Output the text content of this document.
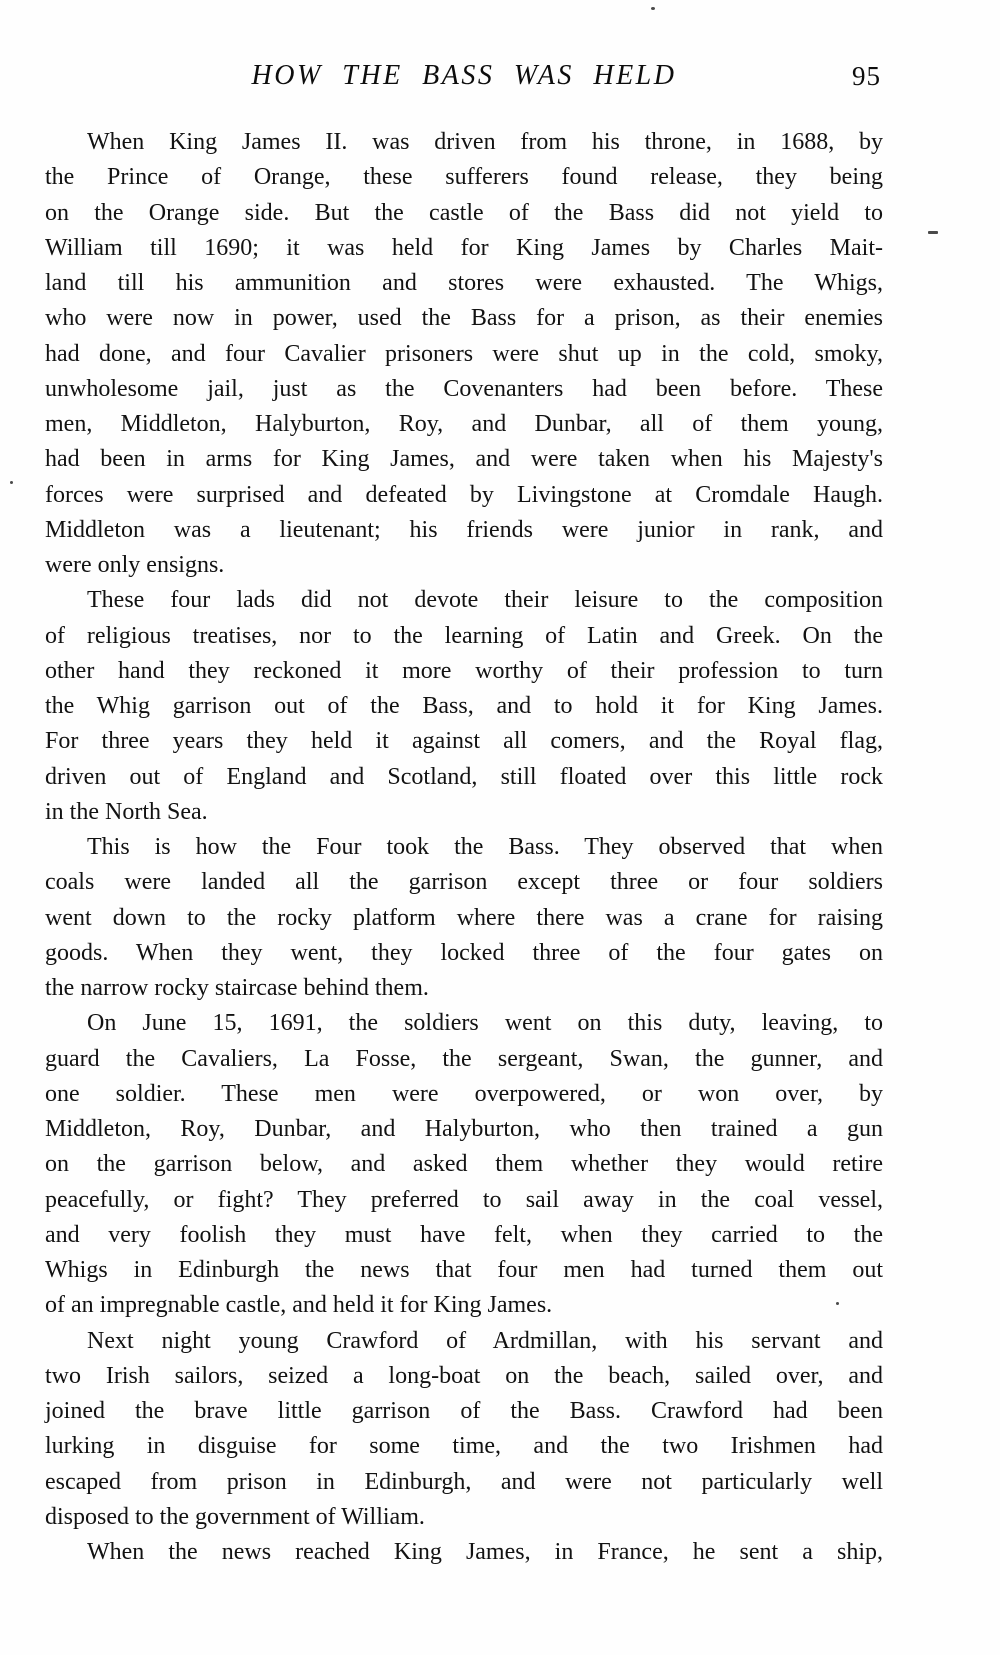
HOW THE BASS WAS HELD	95
When King James II. was driven from his throne, in 1688, by
the Prince of Orange, these sufferers found release, they being
on the Orange side. But the castle of the Bass did not yield to
William till 1690; it was held for King James by Charles Mait-
land till his ammunition and stores were exhausted. The Whigs,
who were now in power, used the Bass for a prison, as their enemies
had done, and four Cavalier prisoners were shut up in the cold, smoky,
unwholesome jail, just as the Covenanters had been before. These
men, Middleton, Halyburton, Roy, and Dunbar, all of them young,
had been in arms for King James, and were taken when his Majesty's
forces were surprised and defeated by Livingstone at Cromdale Haugh.
Middleton was a lieutenant; his friends were junior in rank, and
were only ensigns.
These four lads did not devote their leisure to the composition
of religious treatises, nor to the learning of Latin and Greek. On the
other hand they reckoned it more worthy of their profession to turn
the Whig garrison out of the Bass, and to hold it for King James.
For three years they held it against all comers, and the Royal flag,
driven out of England and Scotland, still floated over this little rock
in the North Sea.
This is how the Four took the Bass. They observed that when
coals were landed all the garrison except three or four soldiers
went down to the rocky platform where there was a crane for raising
goods. When they went, they locked three of the four gates on
the narrow rocky staircase behind them.
On June 15, 1691, the soldiers went on this duty, leaving, to
guard the Cavaliers, La Fosse, the sergeant, Swan, the gunner, and
one soldier. These men were overpowered, or won over, by
Middleton, Roy, Dunbar, and Halyburton, who then trained a gun
on the garrison below, and asked them whether they would retire
peacefully, or fight? They preferred to sail away in the coal vessel,
and very foolish they must have felt, when they carried to the
Whigs in Edinburgh the news that four men had turned them out
of an impregnable castle, and held it for King James.
Next night young Crawford of Ardmillan, with his servant and
two Irish sailors, seized a long-boat on the beach, sailed over, and
joined the brave little garrison of the Bass. Crawford had been
lurking in disguise for some time, and the two Irishmen had
escaped from prison in Edinburgh, and were not particularly well
disposed to the government of William.
When the news reached King James, in France, he sent a ship,
